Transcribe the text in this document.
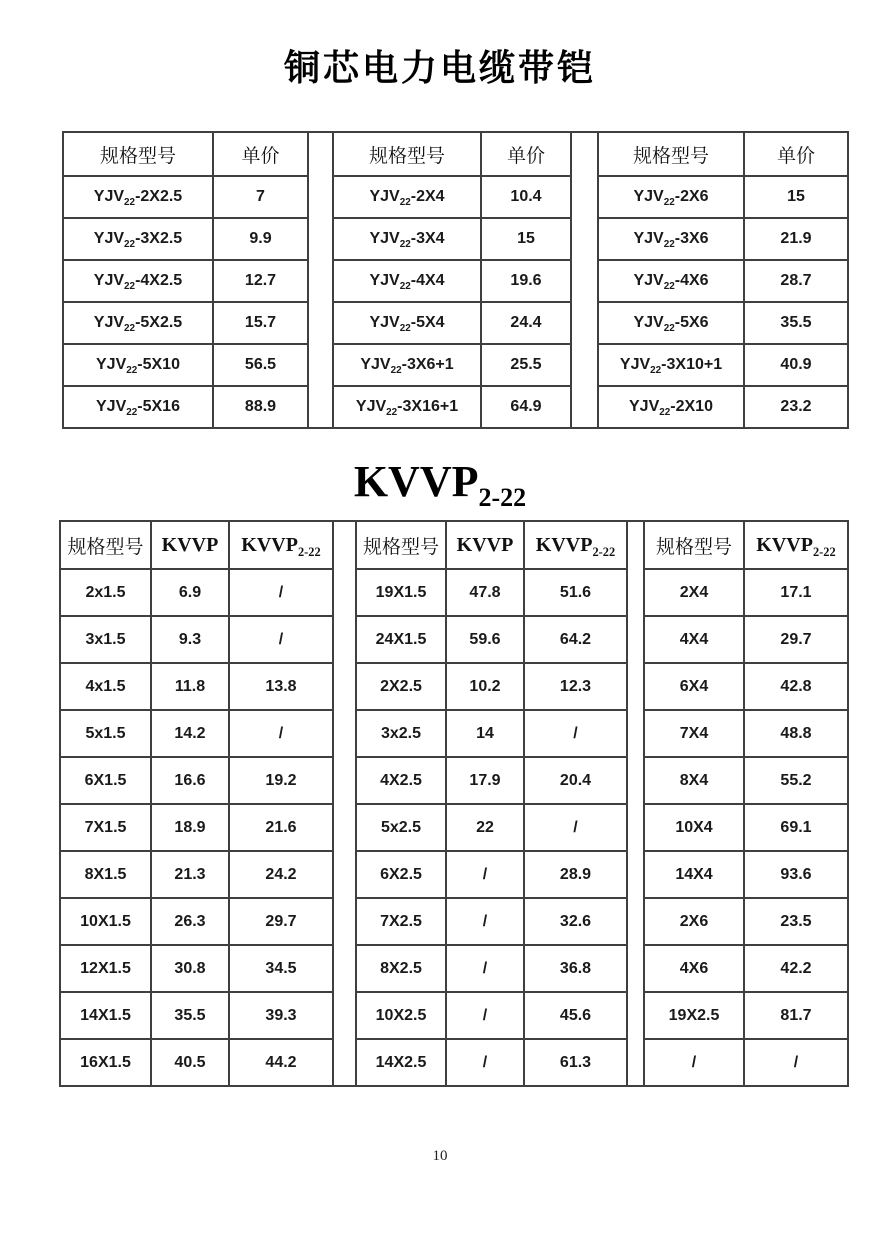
铜芯电力电缆带铠
规格型号	单价		规格型号	单价		规格型号	单价
$YJV_{22}-2X2.5$	7		$YJV_{22}-2X4$	10.4		$YJV_{22}-2X6$	15
$YJV_{22}-3X2.5$	9.9		$YJV_{22}-3X4$	15		$YJV_{22}-3X6$	21.9
$YJV_{22}-4X2.5$	12.7		$YJV_{22}-4X4$	19.6		$YJV_{22}-4X6$	28.7
$YJV_{22}-5X2.5$	15.7		$YJV_{22}-5X4$	24.4		$YJV_{22}-5X6$	35.5
$YJV_{22}-5X10$	56.5		$YJV_{22}-3X6+1$	25.5		$YJV_{22}-3X10+1$	40.9
$YJV_{22}-5X16$	88.9		$YJV_{22}-3X16+1$	64.9		$YJV_{22}-2X10$	23.2
$KVVP_{2-22}$
规格型号	KVVP	$KVVP_{2-22}$		规格型号	KVVP	$KVVP_{2-22}$		规格型号	$KVVP_{2-22}$
2x1.5	6.9	/		19X1.5	47.8	51.6		2X4	17.1
3x1.5	9.3	/		24X1.5	59.6	64.2		4X4	29.7
4x1.5	11.8	13.8		2X2.5	10.2	12.3		6X4	42.8
5x1.5	14.2	/		3x2.5	14	/		7X4	48.8
6X1.5	16.6	19.2		4X2.5	17.9	20.4		8X4	55.2
7X1.5	18.9	21.6		5x2.5	22	/		10X4	69.1
8X1.5	21.3	24.2		6X2.5	/	28.9		14X4	93.6
10X1.5	26.3	29.7		7X2.5	/	32.6		2X6	23.5
12X1.5	30.8	34.5		8X2.5	/	36.8		4X6	42.2
14X1.5	35.5	39.3		10X2.5	/	45.6		19X2.5	81.7
16X1.5	40.5	44.2		14X2.5	/	61.3		/	/
10
